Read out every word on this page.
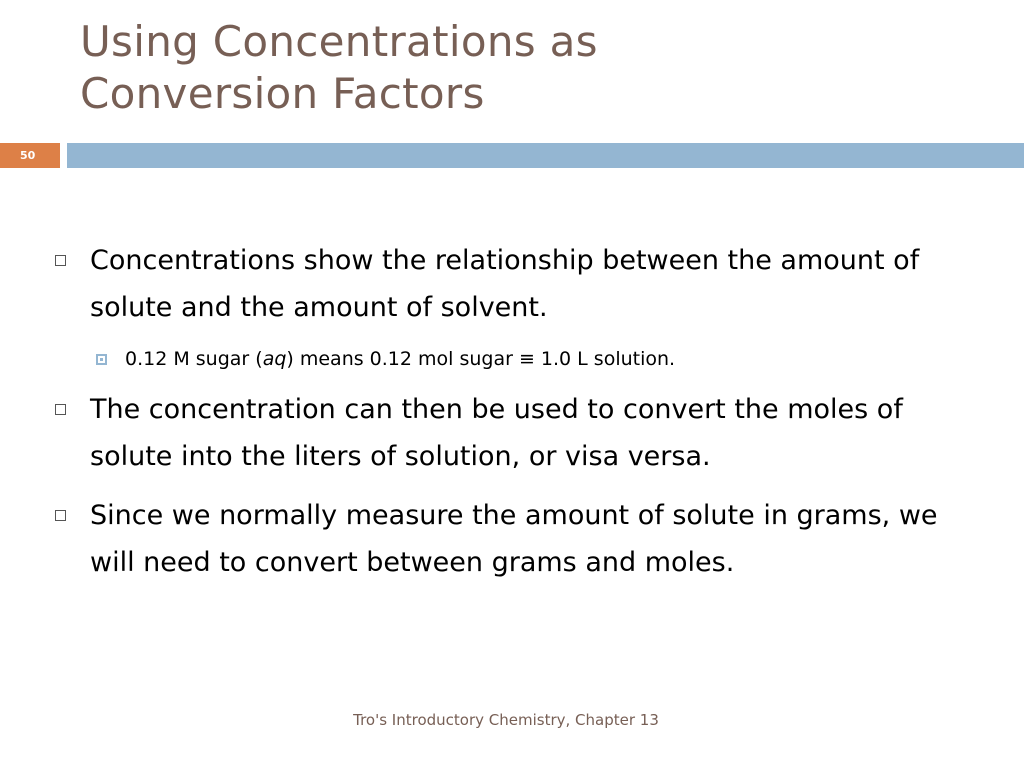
Using Concentrations as
Conversion Factors
50

Concentrations show the relationship between the amount of solute and the amount of solvent.

0.12 M sugar (aq) means 0.12 mol sugar ≡ 1.0 L solution.

The concentration can then be used to convert the moles of solute into the liters of solution, or visa versa.

Since we normally measure the amount of solute in grams, we will need to convert between grams and moles.

Tro's Introductory Chemistry, Chapter 13
